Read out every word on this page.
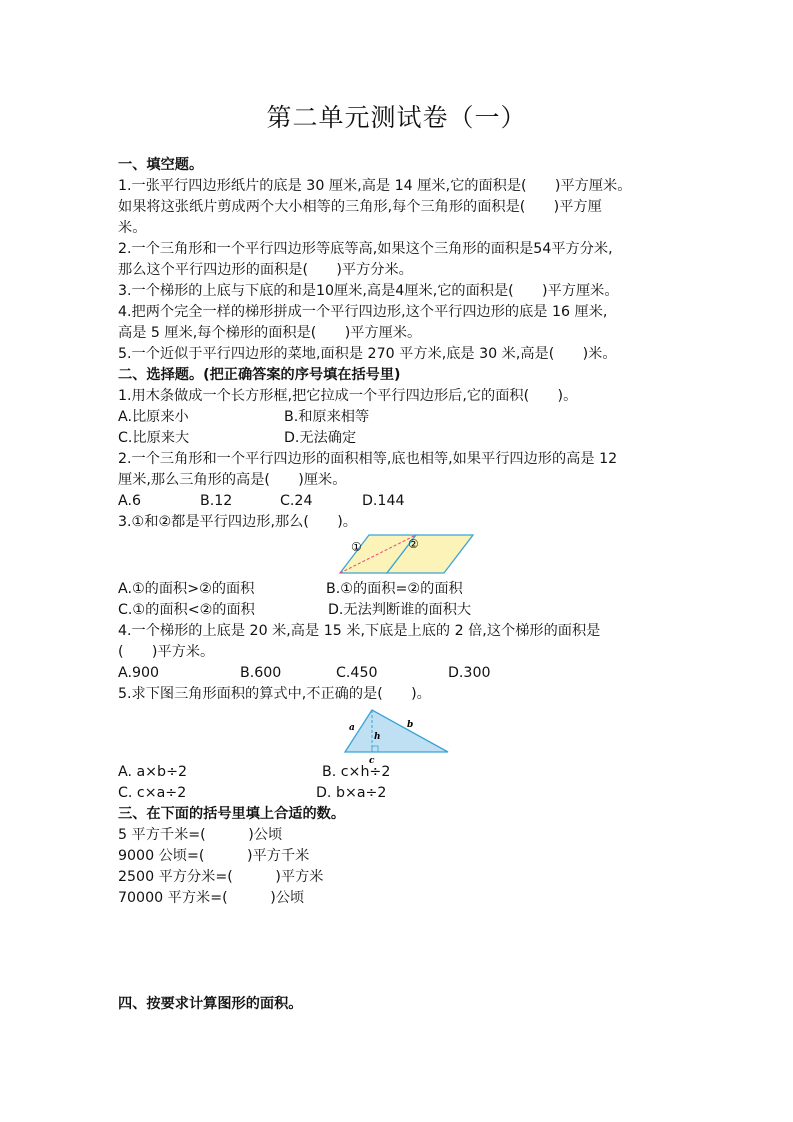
第二单元测试卷（一）
一、填空题。
1.一张平行四边形纸片的底是 30 厘米,高是 14 厘米,它的面积是(　　)平方厘米。
如果将这张纸片剪成两个大小相等的三角形,每个三角形的面积是(　　)平方厘
米。
2.一个三角形和一个平行四边形等底等高,如果这个三角形的面积是54平方分米,
那么这个平行四边形的面积是(　　)平方分米。
3.一个梯形的上底与下底的和是10厘米,高是4厘米,它的面积是(　　)平方厘米。
4.把两个完全一样的梯形拼成一个平行四边形,这个平行四边形的底是 16 厘米,
高是 5 厘米,每个梯形的面积是(　　)平方厘米。
5.一个近似于平行四边形的菜地,面积是 270 平方米,底是 30 米,高是(　　)米。
二、选择题。(把正确答案的序号填在括号里)
1.用木条做成一个长方形框,把它拉成一个平行四边形后,它的面积(　　)。

A.比原来小

	B.和原来相等

C.比原来大

	D.无法确定

2.一个三角形和一个平行四边形的面积相等,底也相等,如果平行四边形的高是 12
厘米,那么三角形的高是(　　)厘米。

A.6

	B.12

	C.24

	D.144

3.①和②都是平行四边形,那么(　　)。
①	②

A.①的面积>②的面积

	B.①的面积=②的面积

C.①的面积<②的面积

	D.无法判断谁的面积大

4.一个梯形的上底是 20 米,高是 15 米,下底是上底的 2 倍,这个梯形的面积是
(　　)平方米。

A.900

	B.600

	C.450

	D.300

5.求下图三角形面积的算式中,不正确的是(　　)。
a	b
h
c

A. a×b÷2

	B. c×h÷2

C. c×a÷2

	D. b×a÷2

三、在下面的括号里填上合适的数。
5 平方千米=(　　　)公顷
9000 公顷=(　　　)平方千米
2500 平方分米=(　　　)平方米
70000 平方米=(　　　)公顷
四、按要求计算图形的面积。
